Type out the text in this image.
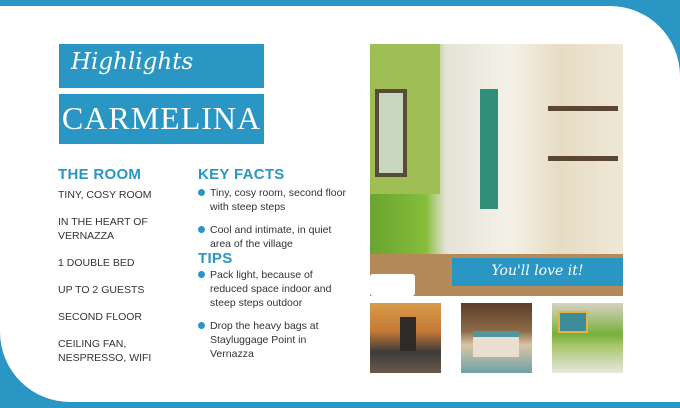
Highlights
CARMELINA
THE ROOM
TINY, COSY ROOM
IN THE HEART OF VERNAZZA
1 DOUBLE BED
UP TO 2 GUESTS
SECOND FLOOR
CEILING FAN, NESPRESSO, WIFI
KEY FACTS
Tiny, cosy room, second floor with steep steps
Cool and intimate, in quiet area of the village
TIPS
Pack light, because of reduced space indoor and steep steps outdoor
Drop the heavy bags at Stayluggage Point in Vernazza
You'll love it!
